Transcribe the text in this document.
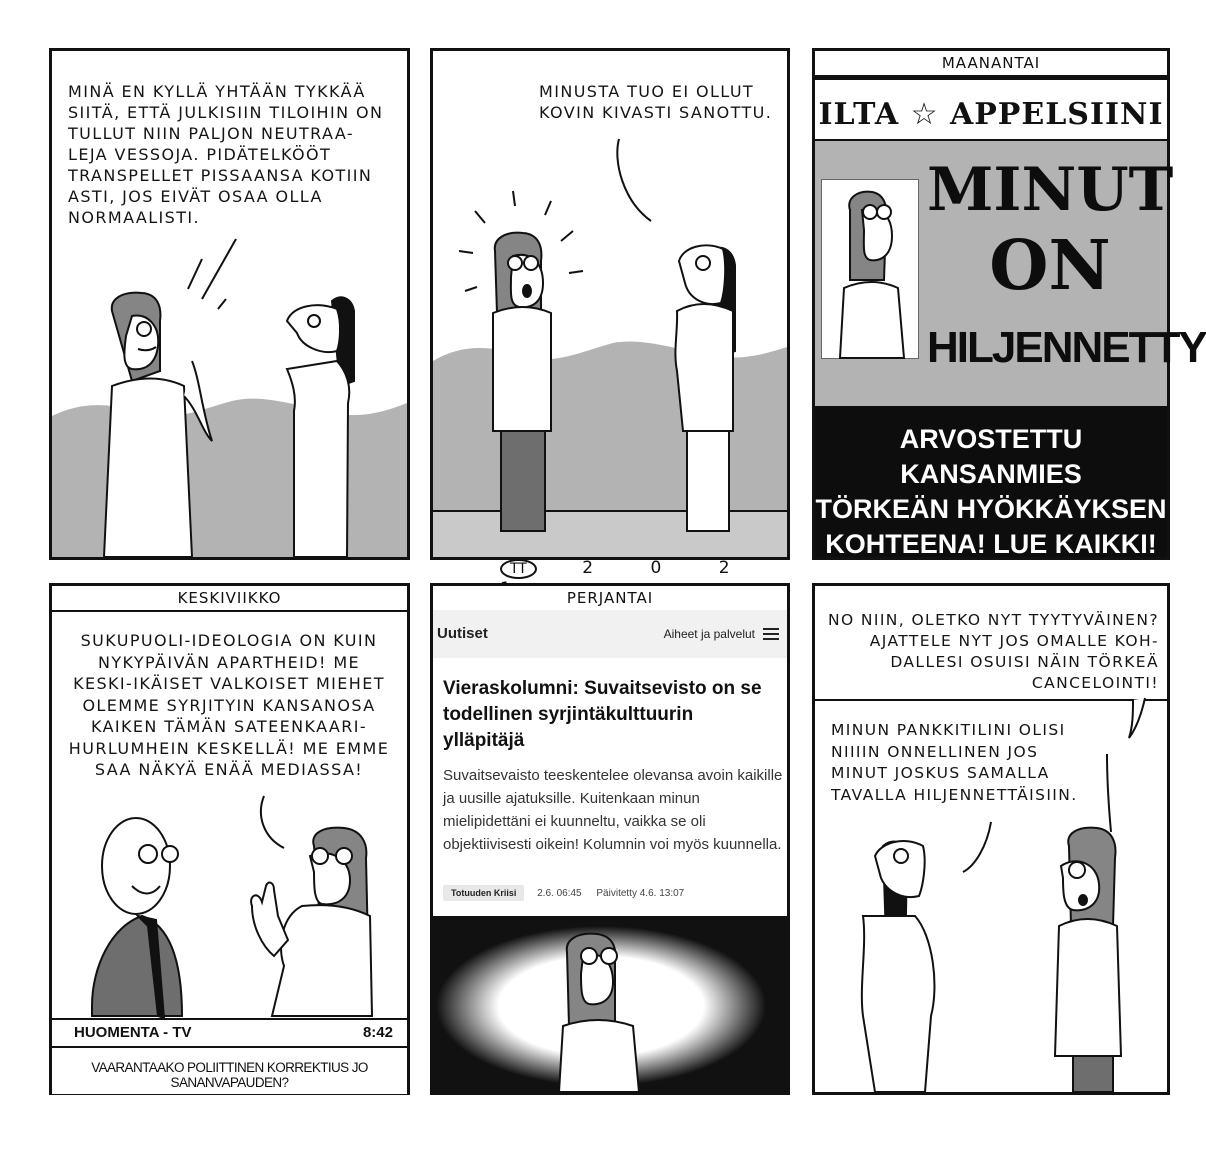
MINÄ EN KYLLÄ YHTÄÄN TYKKÄÄ SIITÄ, ETTÄ JULKISIIN TILOIHIN ON TULLUT NIIN PALJON NEUTRAA-
LEJA VESSOJA. PIDÄTELKÖÖT TRANSPELLET PISSAANSA KOTIIN ASTI, JOS EIVÄT OSAA OLLA NORMAALISTI.
MINUSTA TUO EI OLLUT
KOVIN KIVASTI SANOTTU.
MAANANTAI
ILTA ☆ APPELSIINI
MINUT
ON
HILJENNETTY
ARVOSTETTU KANSANMIES
TÖRKEÄN HYÖKKÄYKSEN
KOHTEENA! LUE KAIKKI!
TT	2 0 2
KESKIVIIKKO
SUKUPUOLI-IDEOLOGIA ON KUIN
NYKYPÄIVÄN APARTHEID! ME
KESKI-IKÄISET VALKOISET MIEHET
OLEMME SYRJITYIN KANSANOSA
KAIKEN TÄMÄN SATEENKAARI-
HURLUMHEIN KESKELLÄ! ME EMME
SAA NÄKYÄ ENÄÄ MEDIASSA!
HUOMENTA - TV	8:42
VAARANTAAKO POLIITTINEN KORREKTIUS JO SANANVAPAUDEN?
PERJANTAI
Uutiset	Aiheet ja palvelut
Vieraskolumni: Suvaitsevisto on se todellinen syrjintäkulttuurin ylläpitäjä
Suvaitsevaisto teeskentelee olevansa avoin kaikille ja uusille ajatuksille. Kuitenkaan minun mielipidettäni ei kuunneltu, vaikka se oli objektiivisesti oikein! Kolumnin voi myös kuunnella.
Totuuden Kriisi 2.6. 06:45 Päivitetty 4.6. 13:07
NO NIIN, OLETKO NYT TYYTYVÄINEN?
AJATTELE NYT JOS OMALLE KOH-
DALLESI OSUISI NÄIN TÖRKEÄ
CANCELOINTI!
MINUN PANKKITILINI OLISI
NIIIIN ONNELLINEN JOS
MINUT JOSKUS SAMALLA
TAVALLA HILJENNETTÄISIIN.
